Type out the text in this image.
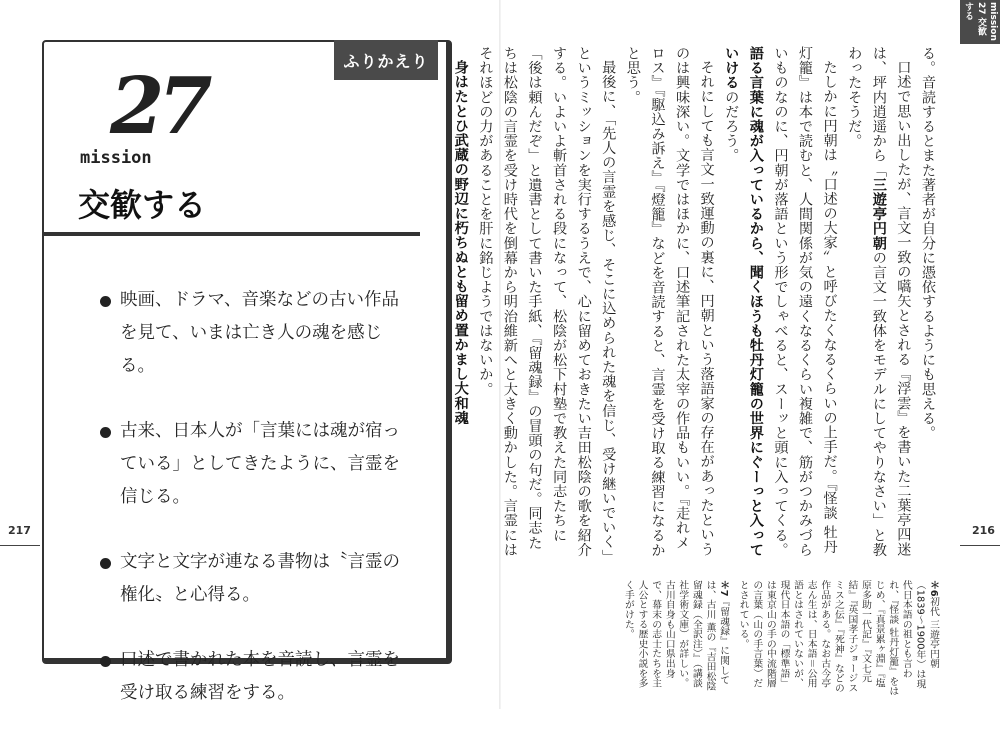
ふりかえり
27
mission
交歓する
映画、ドラマ、音楽などの古い作品を見て、いまは亡き人の魂を感じる。
古来、日本人が「言葉には魂が宿っている」としてきたように、言霊を信じる。
文字と文字が連なる書物は〝言霊の権化〟と心得る。
口述で書かれた本を音読し、言霊を受け取る練習をする。
217
mission 27 交歓する

る。音読するとまた著者が自分に憑依するようにも思える。

口述で思い出したが、言文一致の嚆矢とされる『浮雲』を書いた二葉亭四迷は、坪内逍遥から「三遊亭円朝の言文一致体をモデルにしてやりなさい」と教わったそうだ。

たしかに円朝は〝口述の大家〟と呼びたくなるくらいの上手だ。『怪談 牡丹灯籠』は本で読むと、人間関係が気の遠くなるくらい複雑で、筋がつかみづらいものなのに、円朝が落語という形でしゃべると、スーッと頭に入ってくる。語る言葉に魂が入っているから、聞くほうも牡丹灯籠の世界にぐーっと入っていけるのだろう。

それにしても言文一致運動の裏に、円朝という落語家の存在があったというのは興味深い。文学ではほかに、口述筆記された太宰の作品もいい。『走れメロス』『駆込み訴え』『燈籠』などを音読すると、言霊を受け取る練習になるかと思う。

最後に、「先人の言霊を感じ、そこに込められた魂を信じ、受け継いでいく」というミッションを実行するうえで、心に留めておきたい吉田松陰の歌を紹介する。いよいよ斬首される段になって、松陰が松下村塾で教えた同志たちに「後は頼んだぞ」と遺書として書いた手紙、『留魂録』の冒頭の句だ。同志たちは松陰の言霊を受け時代を倒幕から明治維新へと大きく動かした。言霊にはそれほどの力があることを肝に銘じようではないか。

身はたとひ武蔵の野辺に朽ちぬとも留め置かまし大和魂

＊6初代 三遊亭円朝（1839〜1900年）は現代日本語の祖とも言われ、『怪談 牡丹灯籠』をはじめ、『真景累ヶ淵』『塩原多助一代記』『文七元結』『英国孝子ジョージスミス之伝』『死神』などの作品がある。なお古今亭志ん生は、日本語＝公用語とはされていないが、現代日本語の「標準語」は東京山の手の中流階層の言葉（山の手言葉）だとされている。

＊7『留魂録』に関しては、古川 薫の『吉田松陰 留魂録（全訳注）』（講談社学術文庫）が詳しい。古川自身も山口県出身で、幕末の志士たちを主人公とする歴史小説を多く手がけた。

216
